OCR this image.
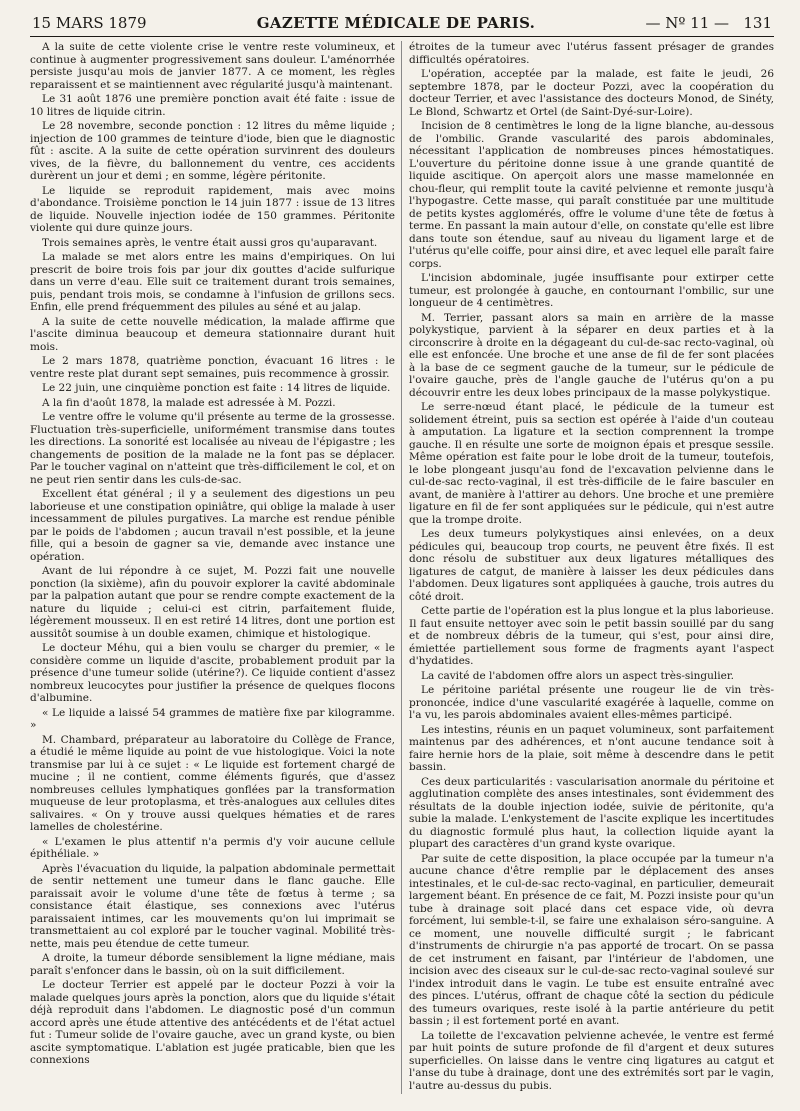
15 MARS 1879	GAZETTE MÉDICALE DE PARIS.	— Nº 11 — 131

A la suite de cette violente crise le ventre reste volumineux, et continue à augmenter progressivement sans douleur. L'aménorrhée persiste jusqu'au mois de janvier 1877. A ce moment, les règles reparaissent et se maintiennent avec régularité jusqu'à maintenant.

Le 31 août 1876 une première ponction avait été faite : issue de 10 litres de liquide citrin.

Le 28 novembre, seconde ponction : 12 litres du même liquide ; injection de 100 grammes de teinture d'iode, bien que le diagnostic fût : ascite. A la suite de cette opération survinrent des douleurs vives, de la fièvre, du ballonnement du ventre, ces accidents durèrent un jour et demi ; en somme, légère péritonite.

Le liquide se reproduit rapidement, mais avec moins d'abondance. Troisième ponction le 14 juin 1877 : issue de 13 litres de liquide. Nouvelle injection iodée de 150 grammes. Péritonite violente qui dure quinze jours.

Trois semaines après, le ventre était aussi gros qu'auparavant.

La malade se met alors entre les mains d'empiriques. On lui prescrit de boire trois fois par jour dix gouttes d'acide sulfurique dans un verre d'eau. Elle suit ce traitement durant trois semaines, puis, pendant trois mois, se condamne à l'infusion de grillons secs. Enfin, elle prend fréquemment des pilules au séné et au jalap.

A la suite de cette nouvelle médication, la malade affirme que l'ascite diminua beaucoup et demeura stationnaire durant huit mois.

Le 2 mars 1878, quatrième ponction, évacuant 16 litres : le ventre reste plat durant sept semaines, puis recommence à grossir.

Le 22 juin, une cinquième ponction est faite : 14 litres de liquide.

A la fin d'août 1878, la malade est adressée à M. Pozzi.

Le ventre offre le volume qu'il présente au terme de la grossesse. Fluctuation très-superficielle, uniformément transmise dans toutes les directions. La sonorité est localisée au niveau de l'épigastre ; les changements de position de la malade ne la font pas se déplacer. Par le toucher vaginal on n'atteint que très-difficilement le col, et on ne peut rien sentir dans les culs-de-sac.

Excellent état général ; il y a seulement des digestions un peu laborieuse et une constipation opiniâtre, qui oblige la malade à user incessamment de pilules purgatives. La marche est rendue pénible par le poids de l'abdomen ; aucun travail n'est possible, et la jeune fille, qui a besoin de gagner sa vie, demande avec instance une opération.

Avant de lui répondre à ce sujet, M. Pozzi fait une nouvelle ponction (la sixième), afin du pouvoir explorer la cavité abdominale par la palpation autant que pour se rendre compte exactement de la nature du liquide ; celui-ci est citrin, parfaitement fluide, légèrement mousseux. Il en est retiré 14 litres, dont une portion est aussitôt soumise à un double examen, chimique et histologique.

Le docteur Méhu, qui a bien voulu se charger du premier, « le considère comme un liquide d'ascite, probablement produit par la présence d'une tumeur solide (utérine?). Ce liquide contient d'assez nombreux leucocytes pour justifier la présence de quelques flocons d'albumine.

« Le liquide a laissé 54 grammes de matière fixe par kilogramme. »

M. Chambard, préparateur au laboratoire du Collège de France, a étudié le même liquide au point de vue histologique. Voici la note transmise par lui à ce sujet : « Le liquide est fortement chargé de mucine ; il ne contient, comme éléments figurés, que d'assez nombreuses cellules lymphatiques gonflées par la transformation muqueuse de leur protoplasma, et très-analogues aux cellules dites salivaires. « On y trouve aussi quelques hématies et de rares lamelles de cholestérine.

« L'examen le plus attentif n'a permis d'y voir aucune cellule épithéliale. »

Après l'évacuation du liquide, la palpation abdominale permettait de sentir nettement une tumeur dans le flanc gauche. Elle paraissait avoir le volume d'une tête de fœtus à terme ; sa consistance était élastique, ses connexions avec l'utérus paraissaient intimes, car les mouvements qu'on lui imprimait se transmettaient au col exploré par le toucher vaginal. Mobilité très-nette, mais peu étendue de cette tumeur.

A droite, la tumeur déborde sensiblement la ligne médiane, mais paraît s'enfoncer dans le bassin, où on la suit difficilement.

Le docteur Terrier est appelé par le docteur Pozzi à voir la malade quelques jours après la ponction, alors que du liquide s'était déjà reproduit dans l'abdomen. Le diagnostic posé d'un commun accord après une étude attentive des antécédents et de l'état actuel fut : Tumeur solide de l'ovaire gauche, avec un grand kyste, ou bien ascite symptomatique. L'ablation est jugée praticable, bien que les connexions

étroites de la tumeur avec l'utérus fassent présager de grandes difficultés opératoires.

L'opération, acceptée par la malade, est faite le jeudi, 26 septembre 1878, par le docteur Pozzi, avec la coopération du docteur Terrier, et avec l'assistance des docteurs Monod, de Sinéty, Le Blond, Schwartz et Ortel (de Saint-Dyé-sur-Loire).

Incision de 8 centimètres le long de la ligne blanche, au-dessous de l'ombilic. Grande vascularité des parois abdominales, nécessitant l'application de nombreuses pinces hémostatiques. L'ouverture du péritoine donne issue à une grande quantité de liquide ascitique. On aperçoit alors une masse mamelonnée en chou-fleur, qui remplit toute la cavité pelvienne et remonte jusqu'à l'hypogastre. Cette masse, qui paraît constituée par une multitude de petits kystes agglomérés, offre le volume d'une tête de fœtus à terme. En passant la main autour d'elle, on constate qu'elle est libre dans toute son étendue, sauf au niveau du ligament large et de l'utérus qu'elle coiffe, pour ainsi dire, et avec lequel elle paraît faire corps.

L'incision abdominale, jugée insuffisante pour extirper cette tumeur, est prolongée à gauche, en contournant l'ombilic, sur une longueur de 4 centimètres.

M. Terrier, passant alors sa main en arrière de la masse polykystique, parvient à la séparer en deux parties et à la circonscrire à droite en la dégageant du cul-de-sac recto-vaginal, où elle est enfoncée. Une broche et une anse de fil de fer sont placées à la base de ce segment gauche de la tumeur, sur le pédicule de l'ovaire gauche, près de l'angle gauche de l'utérus qu'on a pu découvrir entre les deux lobes principaux de la masse polykystique.

Le serre-nœud étant placé, le pédicule de la tumeur est solidement étreint, puis sa section est opérée à l'aide d'un couteau à amputation. La ligature et la section comprennent la trompe gauche. Il en résulte une sorte de moignon épais et presque sessile. Même opération est faite pour le lobe droit de la tumeur, toutefois, le lobe plongeant jusqu'au fond de l'excavation pelvienne dans le cul-de-sac recto-vaginal, il est très-difficile de le faire basculer en avant, de manière à l'attirer au dehors. Une broche et une première ligature en fil de fer sont appliquées sur le pédicule, qui n'est autre que la trompe droite.

Les deux tumeurs polykystiques ainsi enlevées, on a deux pédicules qui, beaucoup trop courts, ne peuvent être fixés. Il est donc résolu de substituer aux deux ligatures métalliques des ligatures de catgut, de manière à laisser les deux pédicules dans l'abdomen. Deux ligatures sont appliquées à gauche, trois autres du côté droit.

Cette partie de l'opération est la plus longue et la plus laborieuse. Il faut ensuite nettoyer avec soin le petit bassin souillé par du sang et de nombreux débris de la tumeur, qui s'est, pour ainsi dire, émiettée partiellement sous forme de fragments ayant l'aspect d'hydatides.

La cavité de l'abdomen offre alors un aspect très-singulier.

Le péritoine pariétal présente une rougeur lie de vin très-prononcée, indice d'une vascularité exagérée à laquelle, comme on l'a vu, les parois abdominales avaient elles-mêmes participé.

Les intestins, réunis en un paquet volumineux, sont parfaitement maintenus par des adhérences, et n'ont aucune tendance soit à faire hernie hors de la plaie, soit même à descendre dans le petit bassin.

Ces deux particularités : vascularisation anormale du péritoine et agglutination complète des anses intestinales, sont évidemment des résultats de la double injection iodée, suivie de péritonite, qu'a subie la malade. L'enkystement de l'ascite explique les incertitudes du diagnostic formulé plus haut, la collection liquide ayant la plupart des caractères d'un grand kyste ovarique.

Par suite de cette disposition, la place occupée par la tumeur n'a aucune chance d'être remplie par le déplacement des anses intestinales, et le cul-de-sac recto-vaginal, en particulier, demeurait largement béant. En présence de ce fait, M. Pozzi insiste pour qu'un tube à drainage soit placé dans cet espace vide, où devra forcément, lui semble-t-il, se faire une exhalaison séro-sanguine. A ce moment, une nouvelle difficulté surgit ; le fabricant d'instruments de chirurgie n'a pas apporté de trocart. On se passa de cet instrument en faisant, par l'intérieur de l'abdomen, une incision avec des ciseaux sur le cul-de-sac recto-vaginal soulevé sur l'index introduit dans le vagin. Le tube est ensuite entraîné avec des pinces. L'utérus, offrant de chaque côté la section du pédicule des tumeurs ovariques, reste isolé à la partie antérieure du petit bassin ; il est fortement porté en avant.

La toilette de l'excavation pelvienne achevée, le ventre est fermé par huit points de suture profonde de fil d'argent et deux sutures superficielles. On laisse dans le ventre cinq ligatures au catgut et l'anse du tube à drainage, dont une des extrémités sort par le vagin, l'autre au-dessus du pubis.
